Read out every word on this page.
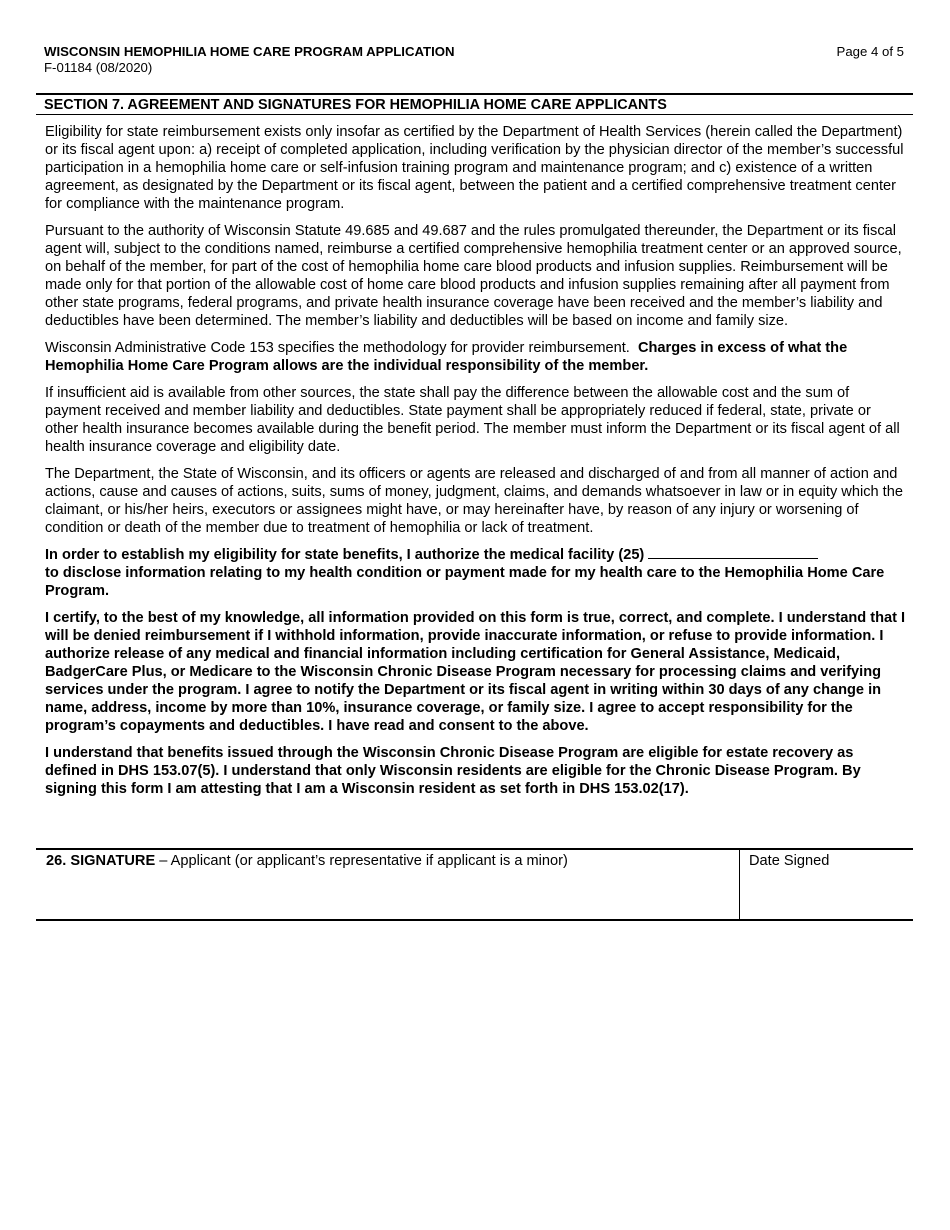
WISCONSIN HEMOPHILIA HOME CARE PROGRAM APPLICATION
F-01184 (08/2020)
Page 4 of 5
SECTION 7. AGREEMENT AND SIGNATURES FOR HEMOPHILIA HOME CARE APPLICANTS

Eligibility for state reimbursement exists only insofar as certified by the Department of Health Services (herein called the Department) or its fiscal agent upon: a) receipt of completed application, including verification by the physician director of the member’s successful participation in a hemophilia home care or self-infusion training program and maintenance program; and c) existence of a written agreement, as designated by the Department or its fiscal agent, between the patient and a certified comprehensive treatment center for compliance with the maintenance program.

Pursuant to the authority of Wisconsin Statute 49.685 and 49.687 and the rules promulgated thereunder, the Department or its fiscal agent will, subject to the conditions named, reimburse a certified comprehensive hemophilia treatment center or an approved source, on behalf of the member, for part of the cost of hemophilia home care blood products and infusion supplies. Reimbursement will be made only for that portion of the allowable cost of home care blood products and infusion supplies remaining after all payment from other state programs, federal programs, and private health insurance coverage have been received and the member’s liability and deductibles have been determined. The member’s liability and deductibles will be based on income and family size.

Wisconsin Administrative Code 153 specifies the methodology for provider reimbursement. Charges in excess of what the Hemophilia Home Care Program allows are the individual responsibility of the member.

If insufficient aid is available from other sources, the state shall pay the difference between the allowable cost and the sum of payment received and member liability and deductibles. State payment shall be appropriately reduced if federal, state, private or other health insurance becomes available during the benefit period. The member must inform the Department or its fiscal agent of all health insurance coverage and eligibility date.

The Department, the State of Wisconsin, and its officers or agents are released and discharged of and from all manner of action and actions, cause and causes of actions, suits, sums of money, judgment, claims, and demands whatsoever in law or in equity which the claimant, or his/her heirs, executors or assignees might have, or may hereinafter have, by reason of any injury or worsening of condition or death of the member due to treatment of hemophilia or lack of treatment.

In order to establish my eligibility for state benefits, I authorize the medical facility (25)
to disclose information relating to my health condition or payment made for my health care to the Hemophilia Home Care Program.

I certify, to the best of my knowledge, all information provided on this form is true, correct, and complete. I understand that I will be denied reimbursement if I withhold information, provide inaccurate information, or refuse to provide information. I authorize release of any medical and financial information including certification for General Assistance, Medicaid, BadgerCare Plus, or Medicare to the Wisconsin Chronic Disease Program necessary for processing claims and verifying services under the program. I agree to notify the Department or its fiscal agent in writing within 30 days of any change in name, address, income by more than 10%, insurance coverage, or family size. I agree to accept responsibility for the program’s copayments and deductibles. I have read and consent to the above.

I understand that benefits issued through the Wisconsin Chronic Disease Program are eligible for estate recovery as defined in DHS 153.07(5). I understand that only Wisconsin residents are eligible for the Chronic Disease Program. By signing this form I am attesting that I am a Wisconsin resident as set forth in DHS 153.02(17).

26. SIGNATURE – Applicant (or applicant’s representative if applicant is a minor)	Date Signed
